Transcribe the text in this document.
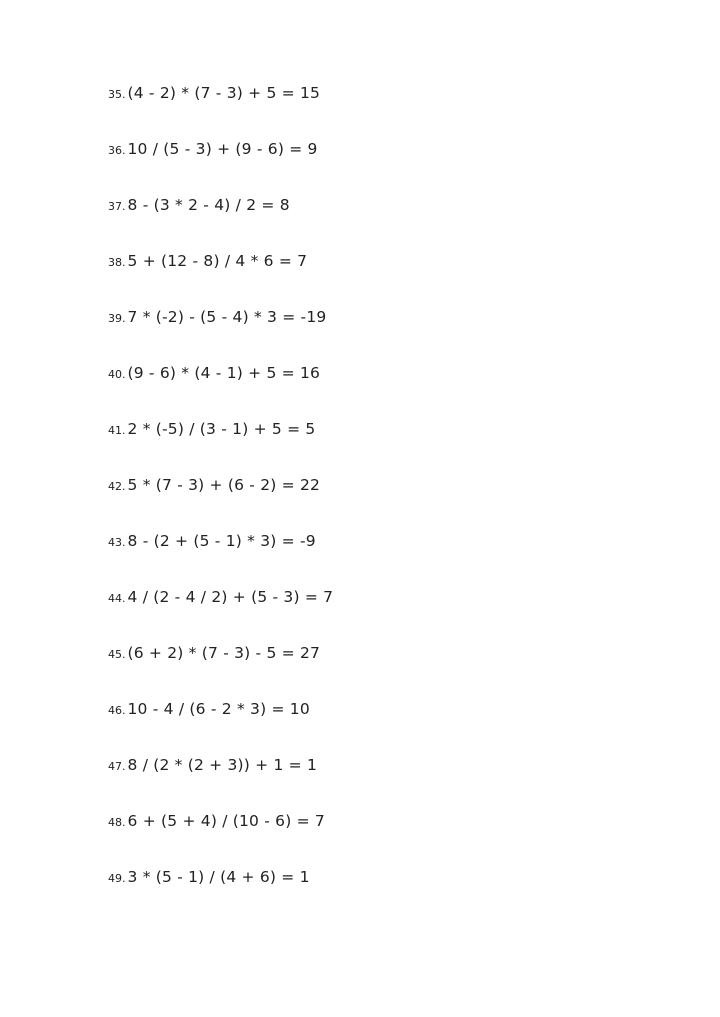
35. (4 - 2) * (7 - 3) + 5 = 15
36. 10 / (5 - 3) + (9 - 6) = 9
37. 8 - (3 * 2 - 4) / 2 = 8
38. 5 + (12 - 8) / 4 * 6 = 7
39. 7 * (-2) - (5 - 4) * 3 = -19
40. (9 - 6) * (4 - 1) + 5 = 16
41. 2 * (-5) / (3 - 1) + 5 = 5
42. 5 * (7 - 3) + (6 - 2) = 22
43. 8 - (2 + (5 - 1) * 3) = -9
44. 4 / (2 - 4 / 2) + (5 - 3) = 7
45. (6 + 2) * (7 - 3) - 5 = 27
46. 10 - 4 / (6 - 2 * 3) = 10
47. 8 / (2 * (2 + 3)) + 1 = 1
48. 6 + (5 + 4) / (10 - 6) = 7
49. 3 * (5 - 1) / (4 + 6) = 1
